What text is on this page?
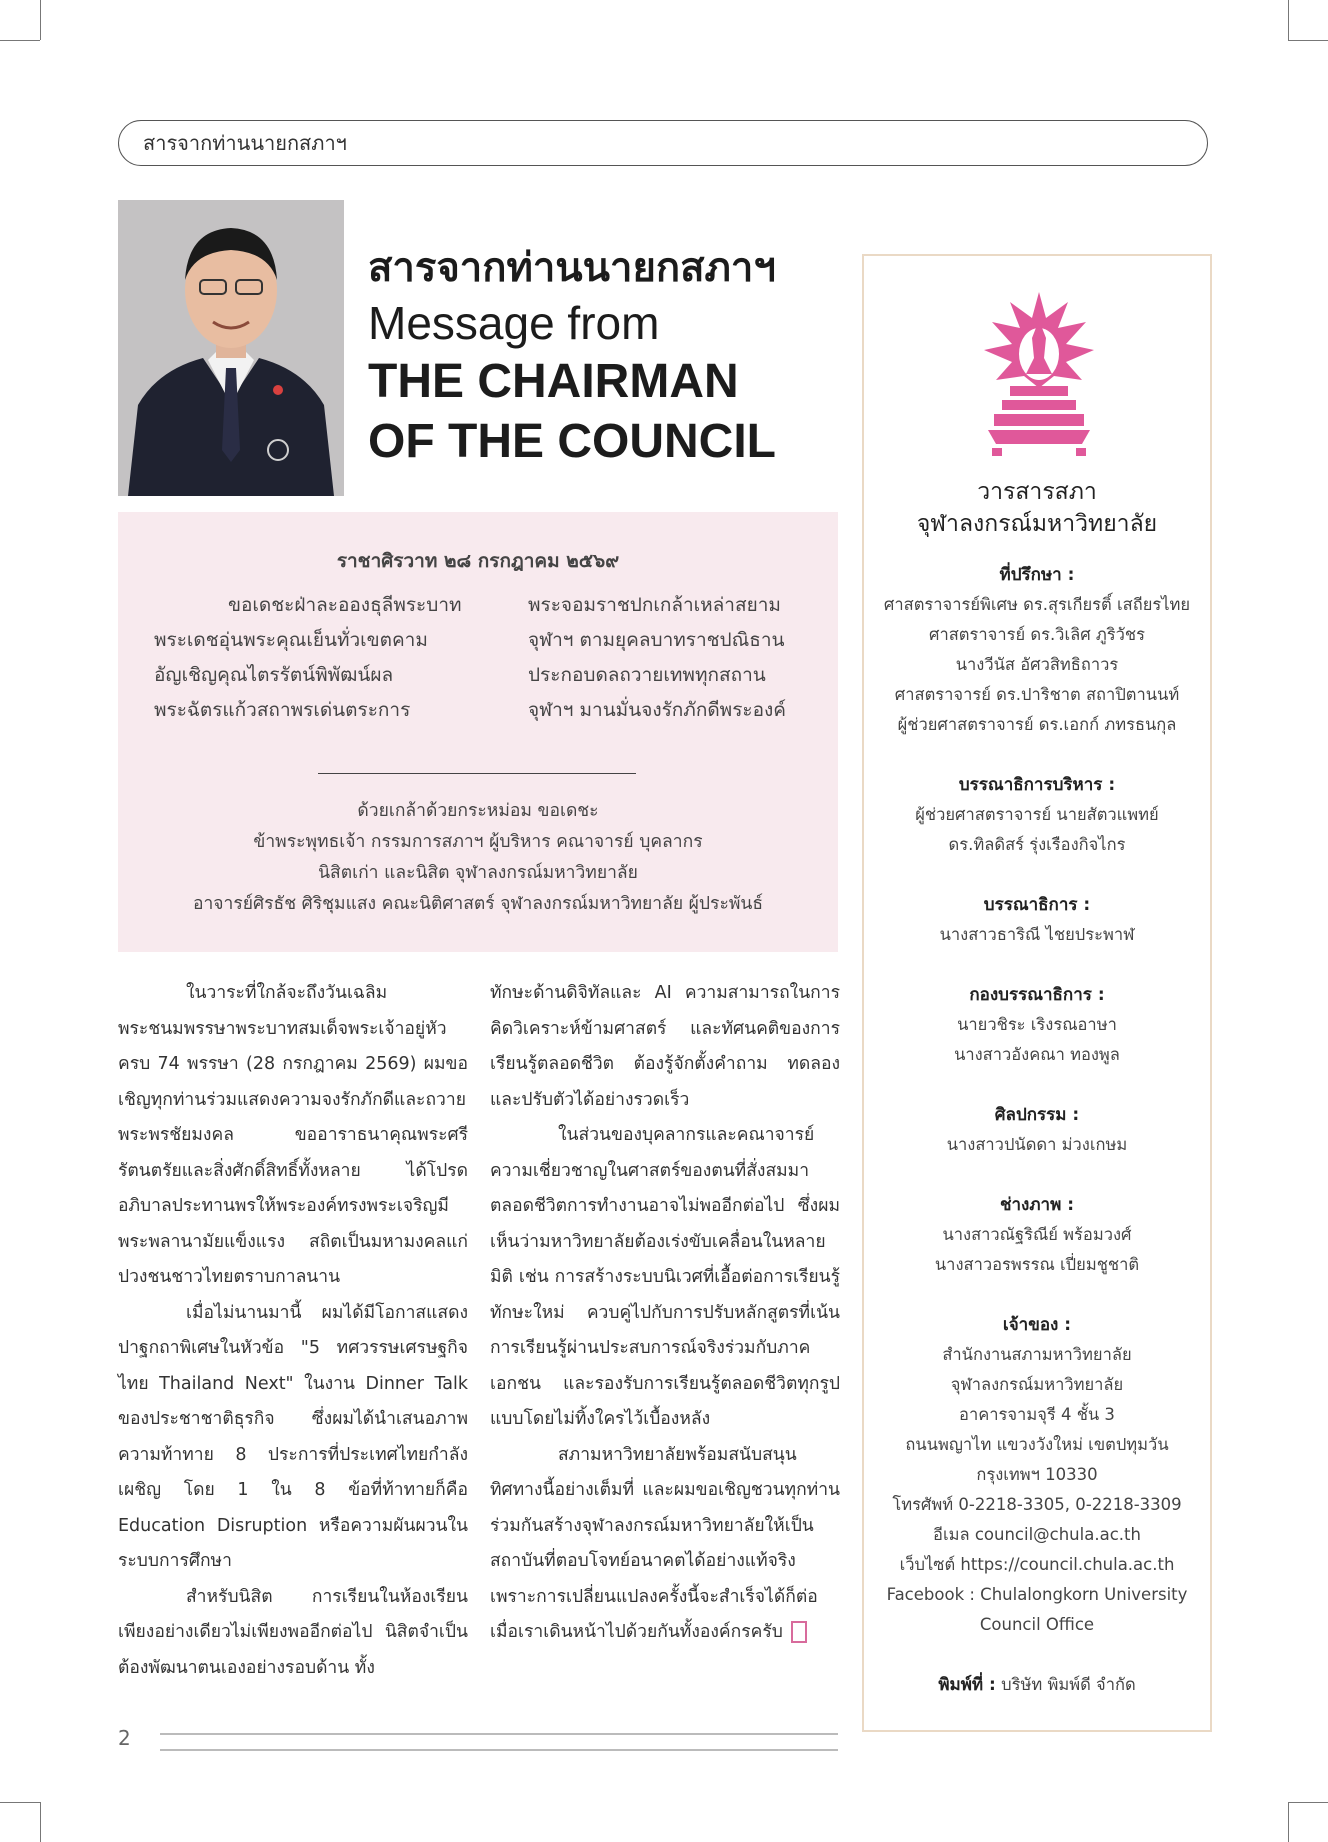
สารจากท่านนายกสภาฯ
สารจากท่านนายกสภาฯ
Message from
THE CHAIRMAN
OF THE COUNCIL
ราชาศิรวาท ๒๘ กรกฎาคม ๒๕๖๙
ขอเดชะฝ่าละอองธุลีพระบาท
พระเดชอุ่นพระคุณเย็นทั่วเขตคาม
อัญเชิญคุณไตรรัตน์พิพัฒน์ผล
พระฉัตรแก้วสถาพรเด่นตระการ
พระจอมราชปกเกล้าเหล่าสยาม
จุฬาฯ ตามยุคลบาทราชปณิธาน
ประกอบดลถวายเทพทุกสถาน
จุฬาฯ มานมั่นจงรักภักดีพระองค์
ด้วยเกล้าด้วยกระหม่อม ขอเดชะ
ข้าพระพุทธเจ้า กรรมการสภาฯ ผู้บริหาร คณาจารย์ บุคลากร
นิสิตเก่า และนิสิต จุฬาลงกรณ์มหาวิทยาลัย
อาจารย์ศิรธัช ศิริชุมแสง คณะนิติศาสตร์ จุฬาลงกรณ์มหาวิทยาลัย ผู้ประพันธ์

ในวาระที่ใกล้จะถึงวันเฉลิมพระชนมพรรษาพระบาทสมเด็จพระเจ้าอยู่หัว ครบ 74 พรรษา (28 กรกฎาคม 2569) ผมขอเชิญทุกท่านร่วมแสดงความจงรักภักดีและถวายพระพรชัยมงคล ขออาราธนาคุณพระศรีรัตนตรัยและสิ่งศักดิ์สิทธิ์ทั้งหลาย ได้โปรดอภิบาลประทานพรให้พระองค์ทรงพระเจริญมีพระพลานามัยแข็งแรง สถิตเป็นมหามงคลแก่ปวงชนชาวไทยตราบกาลนาน

เมื่อไม่นานมานี้ ผมได้มีโอกาสแสดงปาฐกถาพิเศษในหัวข้อ "5 ทศวรรษเศรษฐกิจไทย Thailand Next" ในงาน Dinner Talk ของประชาชาติธุรกิจ ซึ่งผมได้นำเสนอภาพความท้าทาย 8 ประการที่ประเทศไทยกำลังเผชิญ โดย 1 ใน 8 ข้อที่ท้าทายก็คือ Education Disruption หรือความผันผวนในระบบการศึกษา

สำหรับนิสิต การเรียนในห้องเรียนเพียงอย่างเดียวไม่เพียงพออีกต่อไป นิสิตจำเป็นต้องพัฒนาตนเองอย่างรอบด้าน ทั้ง

ทักษะด้านดิจิทัลและ AI ความสามารถในการคิดวิเคราะห์ข้ามศาสตร์ และทัศนคติของการเรียนรู้ตลอดชีวิต ต้องรู้จักตั้งคำถาม ทดลอง และปรับตัวได้อย่างรวดเร็ว

ในส่วนของบุคลากรและคณาจารย์ ความเชี่ยวชาญในศาสตร์ของตนที่สั่งสมมาตลอดชีวิตการทำงานอาจไม่พออีกต่อไป ซึ่งผมเห็นว่ามหาวิทยาลัยต้องเร่งขับเคลื่อนในหลายมิติ เช่น การสร้างระบบนิเวศที่เอื้อต่อการเรียนรู้ทักษะใหม่ ควบคู่ไปกับการปรับหลักสูตรที่เน้นการเรียนรู้ผ่านประสบการณ์จริงร่วมกับภาคเอกชน และรองรับการเรียนรู้ตลอดชีวิตทุกรูปแบบโดยไม่ทิ้งใครไว้เบื้องหลัง

สภามหาวิทยาลัยพร้อมสนับสนุนทิศทางนี้อย่างเต็มที่ และผมขอเชิญชวนทุกท่านร่วมกันสร้างจุฬาลงกรณ์มหาวิทยาลัยให้เป็นสถาบันที่ตอบโจทย์อนาคตได้อย่างแท้จริง เพราะการเปลี่ยนแปลงครั้งนี้จะสำเร็จได้ก็ต่อเมื่อเราเดินหน้าไปด้วยกันทั้งองค์กรครับ

วารสารสภา
จุฬาลงกรณ์มหาวิทยาลัย
ที่ปรึกษา :
ศาสตราจารย์พิเศษ ดร.สุรเกียรติ์ เสถียรไทย
ศาสตราจารย์ ดร.วิเลิศ ภูริวัชร
นางวีนัส อัศวสิทธิถาวร
ศาสตราจารย์ ดร.ปาริชาต สถาปิตานนท์
ผู้ช่วยศาสตราจารย์ ดร.เอกก์ ภทรธนกุล
บรรณาธิการบริหาร :
ผู้ช่วยศาสตราจารย์ นายสัตวแพทย์
ดร.ทิลดิสร์ รุ่งเรืองกิจไกร
บรรณาธิการ :
นางสาวธาริณี ไชยประพาฬ
กองบรรณาธิการ :
นายวชิระ เริงรณอาษา
นางสาวอังคณา ทองพูล
ศิลปกรรม :
นางสาวปนัดดา ม่วงเกษม
ช่างภาพ :
นางสาวณัฐริณีย์ พร้อมวงศ์
นางสาวอรพรรณ เปี่ยมชูชาติ
เจ้าของ :
สำนักงานสภามหาวิทยาลัย
จุฬาลงกรณ์มหาวิทยาลัย
อาคารจามจุรี 4 ชั้น 3
ถนนพญาไท แขวงวังใหม่ เขตปทุมวัน
กรุงเทพฯ 10330
โทรศัพท์ 0-2218-3305, 0-2218-3309
อีเมล council@chula.ac.th
เว็บไซต์ https://council.chula.ac.th
Facebook : Chulalongkorn University
Council Office
พิมพ์ที่ : บริษัท พิมพ์ดี จำกัด
2
